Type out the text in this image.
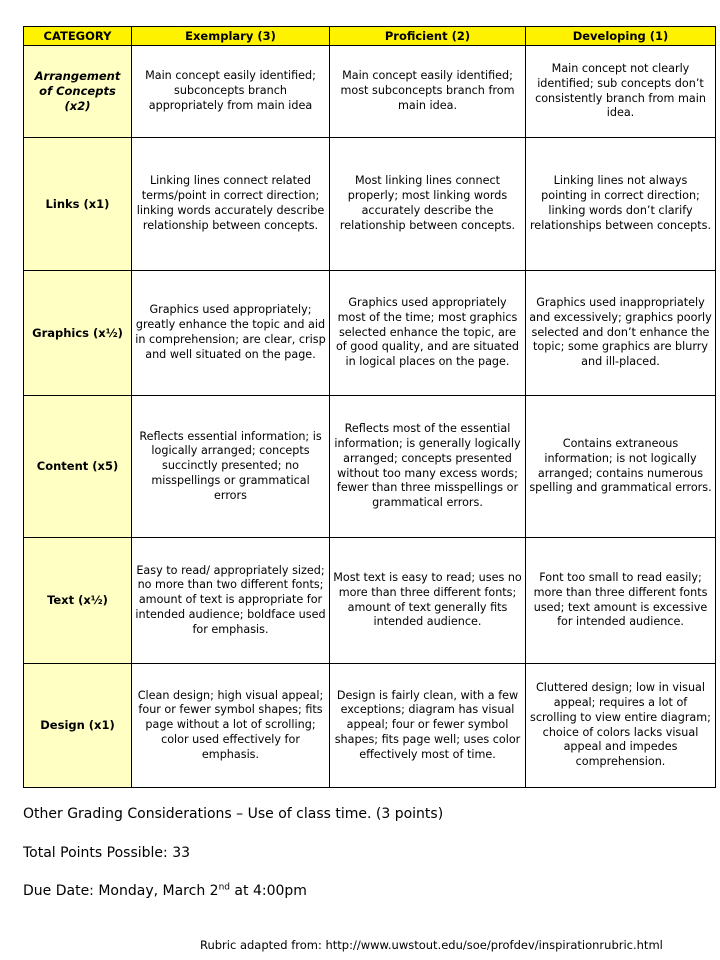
CATEGORY	Exemplary (3)	Proficient (2)	Developing (1)
Arrangement of Concepts (x2)	Main concept easily identified; subconcepts branch appropriately from main idea	Main concept easily identified; most subconcepts branch from main idea.	Main concept not clearly identified; sub concepts don’t consistently branch from main idea.
Links (x1)	Linking lines connect related terms/point in correct direction; linking words accurately describe relationship between concepts.	Most linking lines connect properly; most linking words accurately describe the relationship between concepts.	Linking lines not always pointing in correct direction; linking words don’t clarify relationships between concepts.
Graphics (x½)	Graphics used appropriately; greatly enhance the topic and aid in comprehension; are clear, crisp and well situated on the page.	Graphics used appropriately most of the time; most graphics selected enhance the topic, are of good quality, and are situated in logical places on the page.	Graphics used inappropriately and excessively; graphics poorly selected and don’t enhance the topic; some graphics are blurry and ill-placed.
Content (x5)	Reflects essential information; is logically arranged; concepts succinctly presented; no misspellings or grammatical errors	Reflects most of the essential information; is generally logically arranged; concepts presented without too many excess words; fewer than three misspellings or grammatical errors.	Contains extraneous information; is not logically arranged; contains numerous spelling and grammatical errors.
Text (x½)	Easy to read/ appropriately sized; no more than two different fonts; amount of text is appropriate for intended audience; boldface used for emphasis.	Most text is easy to read; uses no more than three different fonts; amount of text generally fits intended audience.	Font too small to read easily; more than three different fonts used; text amount is excessive for intended audience.
Design (x1)	Clean design; high visual appeal; four or fewer symbol shapes; fits page without a lot of scrolling; color used effectively for emphasis.	Design is fairly clean, with a few exceptions; diagram has visual appeal; four or fewer symbol shapes; fits page well; uses color effectively most of time.	Cluttered design; low in visual appeal; requires a lot of scrolling to view entire diagram; choice of colors lacks visual appeal and impedes comprehension.
Other Grading Considerations – Use of class time. (3 points)
Total Points Possible: 33
Due Date: Monday, March 2nd at 4:00pm
Rubric adapted from: http://www.uwstout.edu/soe/profdev/inspirationrubric.html
